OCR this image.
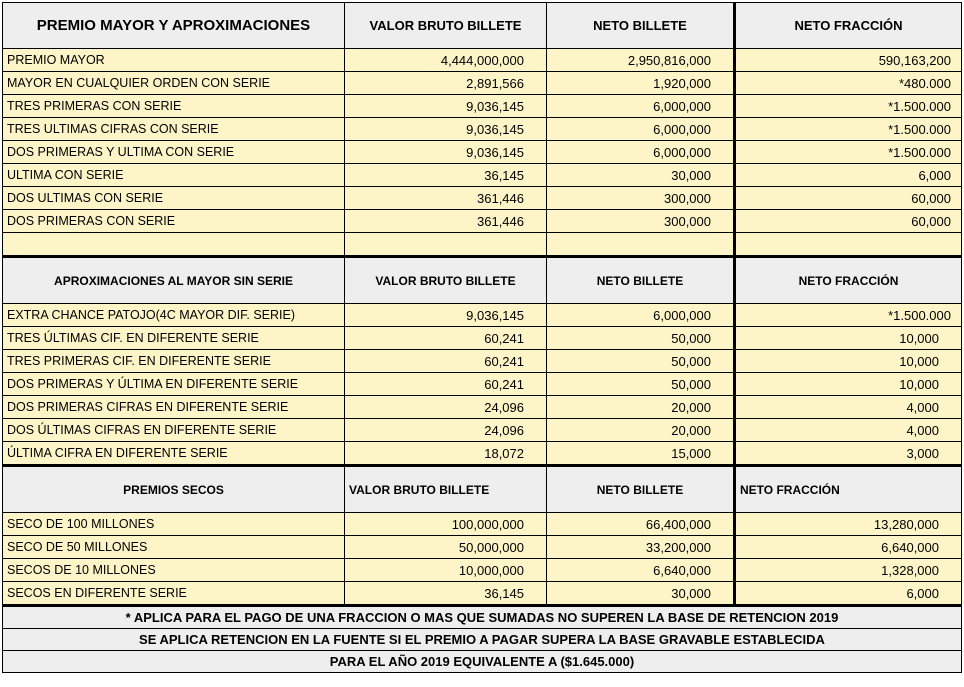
PREMIO MAYOR Y APROXIMACIONES	VALOR BRUTO BILLETE	NETO BILLETE	NETO FRACCIÓN
PREMIO MAYOR	4,444,000,000	2,950,816,000	590,163,200
MAYOR EN CUALQUIER ORDEN CON SERIE	2,891,566	1,920,000	*480.000
TRES PRIMERAS CON SERIE	9,036,145	6,000,000	*1.500.000
TRES ULTIMAS CIFRAS CON SERIE	9,036,145	6,000,000	*1.500.000
DOS PRIMERAS Y ULTIMA CON SERIE	9,036,145	6,000,000	*1.500.000
ULTIMA CON SERIE	36,145	30,000	6,000
DOS ULTIMAS CON SERIE	361,446	300,000	60,000
DOS PRIMERAS CON SERIE	361,446	300,000	60,000

APROXIMACIONES AL MAYOR SIN SERIE	VALOR BRUTO BILLETE	NETO BILLETE	NETO FRACCIÓN
EXTRA CHANCE PATOJO(4C MAYOR DIF. SERIE)	9,036,145	6,000,000	*1.500.000
TRES ÚLTIMAS CIF. EN DIFERENTE SERIE	60,241	50,000	10,000
TRES PRIMERAS CIF. EN DIFERENTE SERIE	60,241	50,000	10,000
DOS PRIMERAS Y ÚLTIMA EN DIFERENTE SERIE	60,241	50,000	10,000
DOS PRIMERAS CIFRAS EN DIFERENTE SERIE	24,096	20,000	4,000
DOS ÚLTIMAS CIFRAS EN DIFERENTE SERIE	24,096	20,000	4,000
ÚLTIMA CIFRA EN DIFERENTE SERIE	18,072	15,000	3,000
PREMIOS SECOS	VALOR BRUTO BILLETE	NETO BILLETE	NETO FRACCIÓN
SECO DE 100 MILLONES	100,000,000	66,400,000	13,280,000
SECO DE 50 MILLONES	50,000,000	33,200,000	6,640,000
SECOS DE 10 MILLONES	10,000,000	6,640,000	1,328,000
SECOS EN DIFERENTE SERIE	36,145	30,000	6,000
* APLICA PARA EL PAGO DE UNA FRACCION O MAS QUE SUMADAS NO SUPEREN LA BASE DE RETENCION 2019			
SE APLICA RETENCION EN LA FUENTE SI EL PREMIO A PAGAR SUPERA LA BASE GRAVABLE ESTABLECIDA			
PARA EL AÑO 2019 EQUIVALENTE A ($1.645.000)			
